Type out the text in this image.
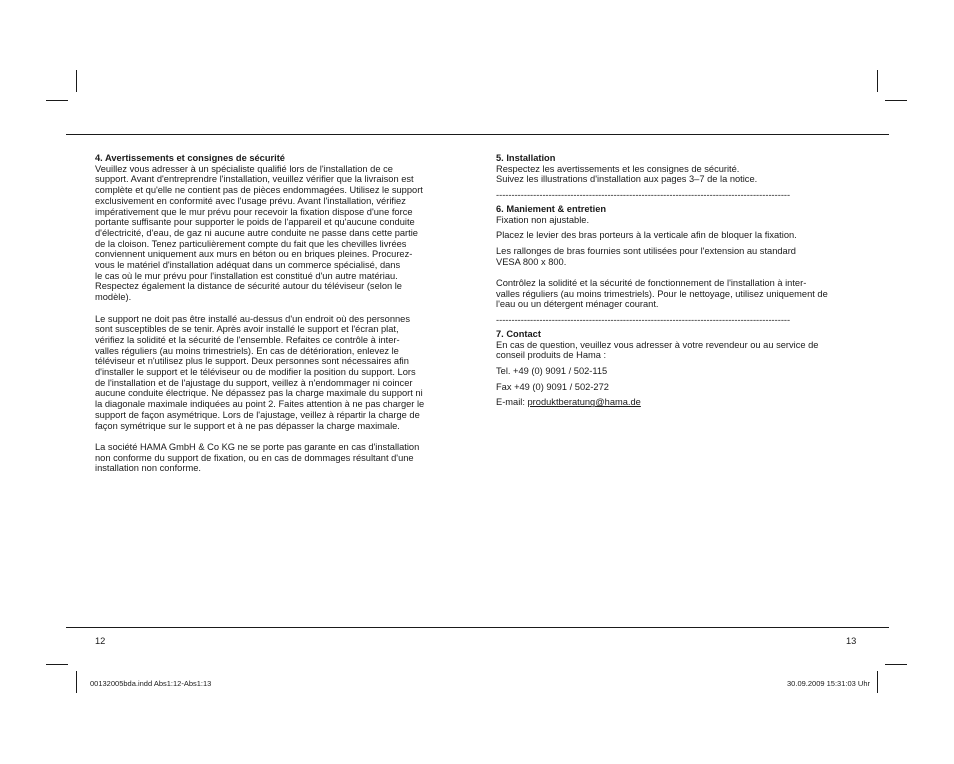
4. Avertissements et consignes de sécurité

Veuillez vous adresser à un spécialiste qualifié lors de l'installation de ce
support. Avant d'entreprendre l'installation, veuillez vérifier que la livraison est
complète et qu'elle ne contient pas de pièces endommagées. Utilisez le support
exclusivement en conformité avec l'usage prévu. Avant l'installation, vérifiez
impérativement que le mur prévu pour recevoir la fixation dispose d'une force
portante suffisante pour supporter le poids de l'appareil et qu'aucune conduite
d'électricité, d'eau, de gaz ni aucune autre conduite ne passe dans cette partie
de la cloison. Tenez particulièrement compte du fait que les chevilles livrées
conviennent uniquement aux murs en béton ou en briques pleines. Procurez-
vous le matériel d'installation adéquat dans un commerce spécialisé, dans
le cas où le mur prévu pour l'installation est constitué d'un autre matériau.
Respectez également la distance de sécurité autour du téléviseur (selon le
modèle).

Le support ne doit pas être installé au-dessus d'un endroit où des personnes
sont susceptibles de se tenir. Après avoir installé le support et l'écran plat,
vérifiez la solidité et la sécurité de l'ensemble. Refaites ce contrôle à inter-
valles réguliers (au moins trimestriels). En cas de détérioration, enlevez le
téléviseur et n'utilisez plus le support. Deux personnes sont nécessaires afin
d'installer le support et le téléviseur ou de modifier la position du support. Lors
de l'installation et de l'ajustage du support, veillez à n'endommager ni coincer
aucune conduite électrique. Ne dépassez pas la charge maximale du support ni
la diagonale maximale indiquées au point 2. Faites attention à ne pas charger le
support de façon asymétrique. Lors de l'ajustage, veillez à répartir la charge de
façon symétrique sur le support et à ne pas dépasser la charge maximale.

La société HAMA GmbH & Co KG ne se porte pas garante en cas d'installation
non conforme du support de fixation, ou en cas de dommages résultant d'une
installation non conforme.

5. Installation

Respectez les avertissements et les consignes de sécurité.
Suivez les illustrations d'installation aux pages 3–7 de la notice.

-----------------------------------------------------------------------------------------------
6. Maniement & entretien

Fixation non ajustable.

Placez le levier des bras porteurs à la verticale afin de bloquer la fixation.

Les rallonges de bras fournies sont utilisées pour l'extension au standard
VESA 800 x 800.

Contrôlez la solidité et la sécurité de fonctionnement de l'installation à inter-
valles réguliers (au moins trimestriels). Pour le nettoyage, utilisez uniquement de
l'eau ou un détergent ménager courant.

-----------------------------------------------------------------------------------------------
7. Contact

En cas de question, veuillez vous adresser à votre revendeur ou au service de
conseil produits de Hama :

Tel. +49 (0) 9091 / 502-115

Fax +49 (0) 9091 / 502-272

E-mail: produktberatung@hama.de

12	13
00132005bda.indd Abs1:12-Abs1:13	30.09.2009 15:31:03 Uhr
